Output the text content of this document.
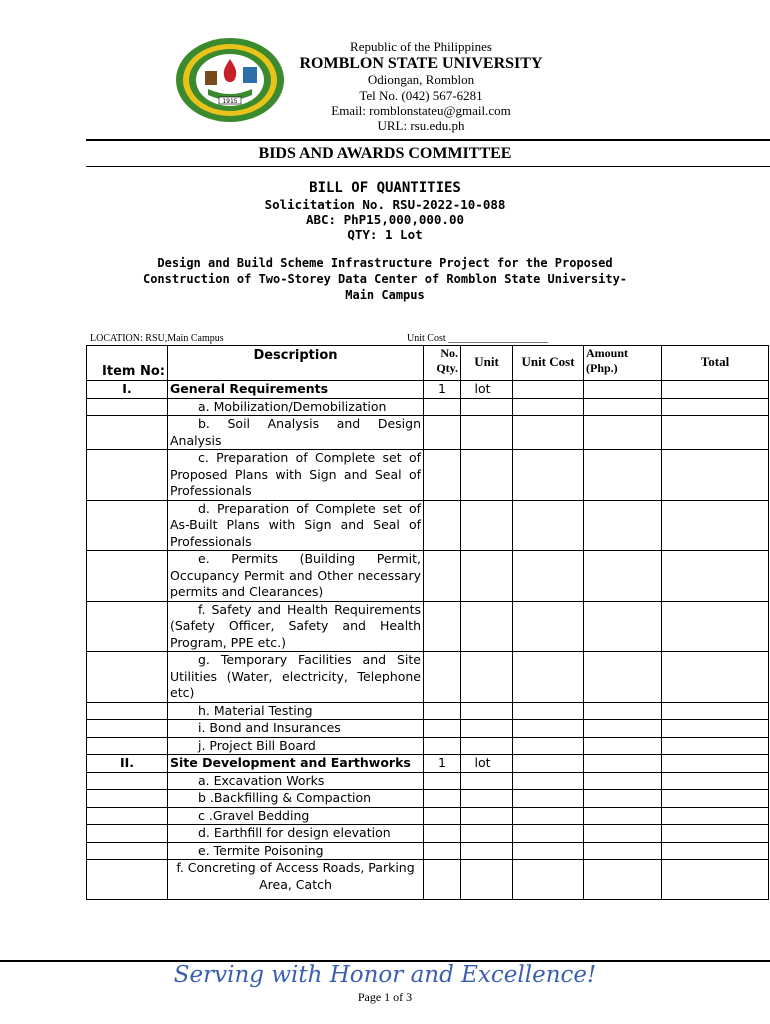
1915
Republic of the Philippines
ROMBLON STATE UNIVERSITY
Odiongan, Romblon
Tel No. (042) 567-6281
Email: romblonstateu@gmail.com
URL: rsu.edu.ph
BIDS AND AWARDS COMMITTEE
BILL OF QUANTITIES
Solicitation No. RSU-2022-10-088
ABC: PhP15,000,000.00
QTY: 1 Lot
Design and Build Scheme Infrastructure Project for the Proposed
Construction of Two-Storey Data Center of Romblon State University-
Main Campus
LOCATION: RSU,Main Campus	Unit Cost ____________________
Item No:	Description	No. Qty.	Unit	Unit Cost	Amount (Php.)	Total
I.	General Requirements	1	lot			
	a. Mobilization/Demobilization					
	b. Soil Analysis and Design Analysis					
	c. Preparation of Complete set of Proposed Plans with Sign and Seal of Professionals					
	d. Preparation of Complete set of As-Built Plans with Sign and Seal of Professionals					
	e. Permits (Building Permit, Occupancy Permit and Other necessary permits and Clearances)					
	f. Safety and Health Requirements (Safety Officer, Safety and Health Program, PPE etc.)					
	g. Temporary Facilities and Site Utilities (Water, electricity, Telephone etc)					
	h. Material Testing					
	i. Bond and Insurances					
	j. Project Bill Board					
II.	Site Development and Earthworks	1	lot			
	a. Excavation Works					
	b .Backfilling & Compaction					
	c .Gravel Bedding					
	d. Earthfill for design elevation					
	e. Termite Poisoning					
	f. Concreting of Access Roads, Parking Area, Catch					
Serving with Honor and Excellence!
Page 1 of 3
